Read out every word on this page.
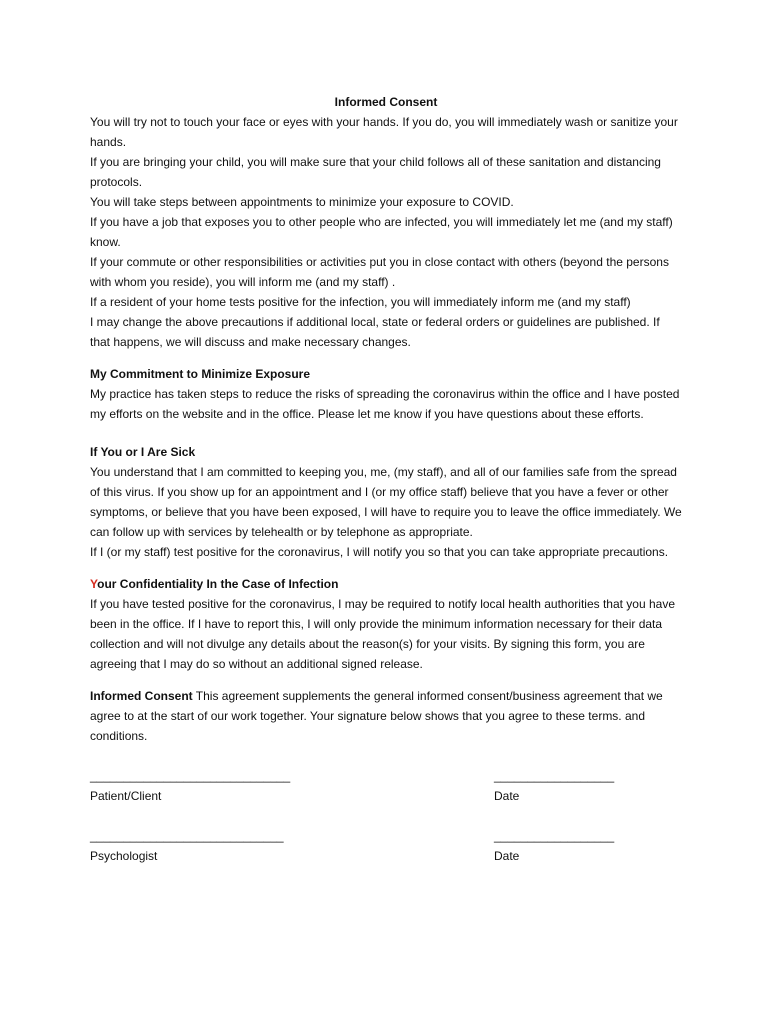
Informed Consent

You will try not to touch your face or eyes with your hands. If you do, you will immediately wash or sanitize your hands.

If you are bringing your child, you will make sure that your child follows all of these sanitation and distancing protocols.

You will take steps between appointments to minimize your exposure to COVID.

If you have a job that exposes you to other people who are infected, you will immediately let me (and my staff) know.

If your commute or other responsibilities or activities put you in close contact with others (beyond the persons with whom you reside), you will inform me (and my staff) .

If a resident of your home tests positive for the infection, you will immediately inform me (and my staff)

I may change the above precautions if additional local, state or federal orders or guidelines are published. If that happens, we will discuss and make necessary changes.

My Commitment to Minimize Exposure

My practice has taken steps to reduce the risks of spreading the coronavirus within the office and I have posted my efforts on the website and in the office. Please let me know if you have questions about these efforts.

If You or I Are Sick

You understand that I am committed to keeping you, me, (my staff), and all of our families safe from the spread of this virus. If you show up for an appointment and I (or my office staff) believe that you have a fever or other symptoms, or believe that you have been exposed, I will have to require you to leave the office immediately. We can follow up with services by telehealth or by telephone as appropriate.

If I (or my staff) test positive for the coronavirus, I will notify you so that you can take appropriate precautions.

Your Confidentiality In the Case of Infection

If you have tested positive for the coronavirus, I may be required to notify local health authorities that you have been in the office. If I have to report this, I will only provide the minimum information necessary for their data collection and will not divulge any details about the reason(s) for your visits. By signing this form, you are agreeing that I may do so without an additional signed release.

Informed Consent This agreement supplements the general informed consent/business agreement that we agree to at the start of our work together. Your signature below shows that you agree to these terms. and conditions.

______________________________
Patient/Client
__________________
Date
_____________________________
Psychologist
__________________
Date
